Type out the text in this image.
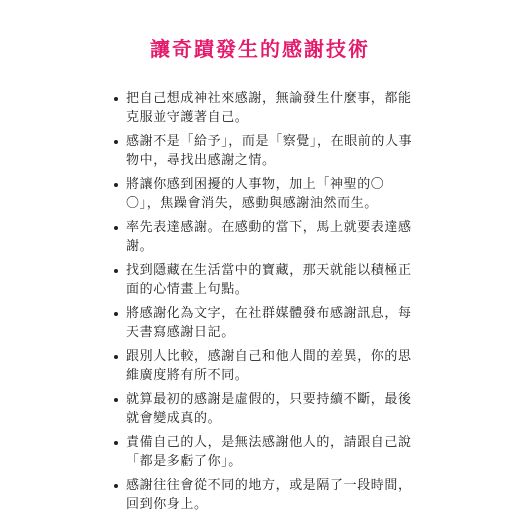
讓奇蹟發生的感謝技術
把自己想成神社來感謝，無論發生什麼事，都能克服並守護著自己。
感謝不是「給予」，而是「察覺」，在眼前的人事物中，尋找出感謝之情。
將讓你感到困擾的人事物，加上「神聖的〇〇」，焦躁會消失，感動與感謝油然而生。
率先表達感謝。在感動的當下，馬上就要表達感謝。
找到隱藏在生活當中的寶藏，那天就能以積極正面的心情畫上句點。
將感謝化為文字，在社群媒體發布感謝訊息，每天書寫感謝日記。
跟別人比較，感謝自己和他人間的差異，你的思維廣度將有所不同。
就算最初的感謝是虛假的，只要持續不斷，最後就會變成真的。
責備自己的人，是無法感謝他人的，請跟自己說「都是多虧了你」。
感謝往往會從不同的地方，或是隔了一段時間，回到你身上。
